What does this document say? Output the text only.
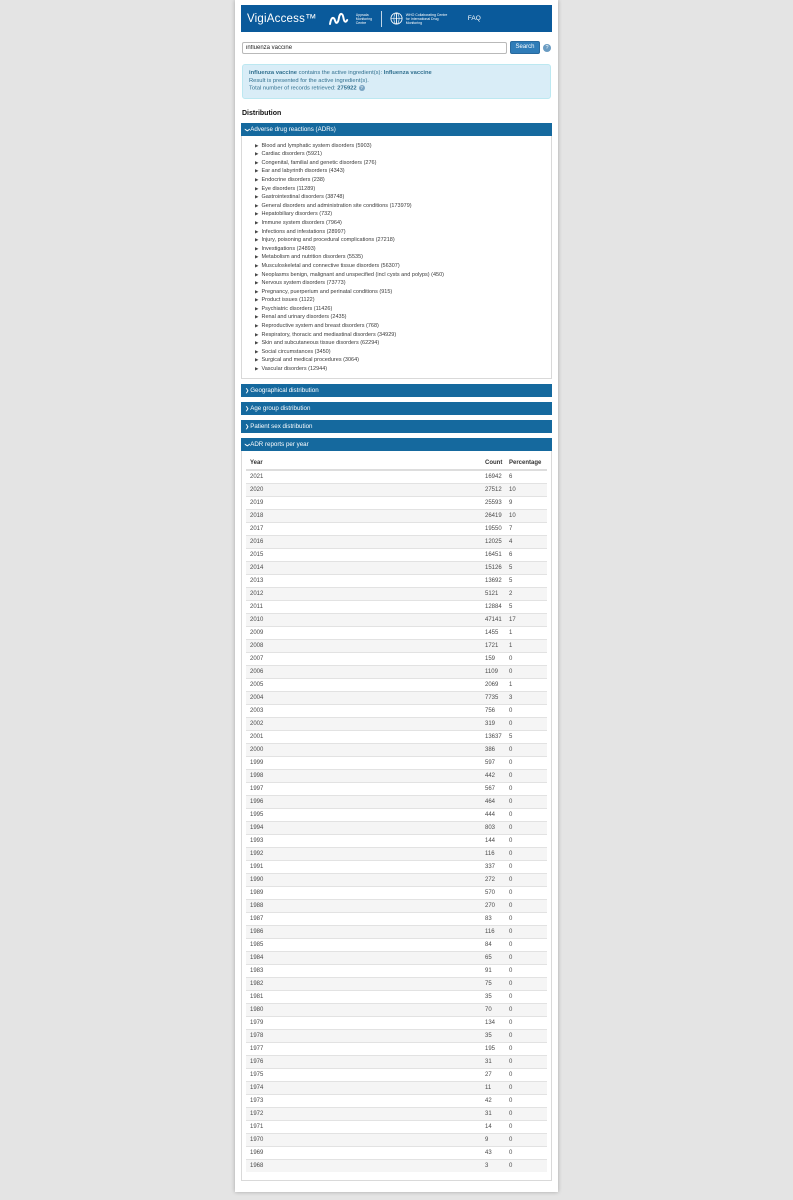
VigiAccess™	Uppsala Monitoring Centre
WHO Collaborating Centre for International Drug Monitoring
FAQ
influenza vaccine
Search	?
influenza vaccine contains the active ingredient(s): Influenza vaccine
Result is presented for the active ingredient(s).
Total number of records retrieved: 275922 ?
Distribution
❯ Adverse drug reactions (ADRs)
▶ Blood and lymphatic system disorders (5903)
▶ Cardiac disorders (5921)
▶ Congenital, familial and genetic disorders (276)
▶ Ear and labyrinth disorders (4343)
▶ Endocrine disorders (238)
▶ Eye disorders (11289)
▶ Gastrointestinal disorders (38748)
▶ General disorders and administration site conditions (173979)
▶ Hepatobiliary disorders (732)
▶ Immune system disorders (7964)
▶ Infections and infestations (28997)
▶ Injury, poisoning and procedural complications (27218)
▶ Investigations (24893)
▶ Metabolism and nutrition disorders (5535)
▶ Musculoskeletal and connective tissue disorders (56307)
▶ Neoplasms benign, malignant and unspecified (incl cysts and polyps) (450)
▶ Nervous system disorders (73773)
▶ Pregnancy, puerperium and perinatal conditions (915)
▶ Product issues (1122)
▶ Psychiatric disorders (11426)
▶ Renal and urinary disorders (2435)
▶ Reproductive system and breast disorders (768)
▶ Respiratory, thoracic and mediastinal disorders (34929)
▶ Skin and subcutaneous tissue disorders (62294)
▶ Social circumstances (3450)
▶ Surgical and medical procedures (3064)
▶ Vascular disorders (12944)
❯ Geographical distribution
❯ Age group distribution
❯ Patient sex distribution
❯ ADR reports per year
Year	Count	Percentage
2021	16942	6
2020	27512	10
2019	25593	9
2018	26419	10
2017	19550	7
2016	12025	4
2015	16451	6
2014	15126	5
2013	13692	5
2012	5121	2
2011	12884	5
2010	47141	17
2009	1455	1
2008	1721	1
2007	159	0
2006	1109	0
2005	2069	1
2004	7735	3
2003	756	0
2002	319	0
2001	13637	5
2000	386	0
1999	597	0
1998	442	0
1997	567	0
1996	464	0
1995	444	0
1994	803	0
1993	144	0
1992	116	0
1991	337	0
1990	272	0
1989	570	0
1988	270	0
1987	83	0
1986	116	0
1985	84	0
1984	65	0
1983	91	0
1982	75	0
1981	35	0
1980	70	0
1979	134	0
1978	35	0
1977	195	0
1976	31	0
1975	27	0
1974	11	0
1973	42	0
1972	31	0
1971	14	0
1970	9	0
1969	43	0
1968	3	0
